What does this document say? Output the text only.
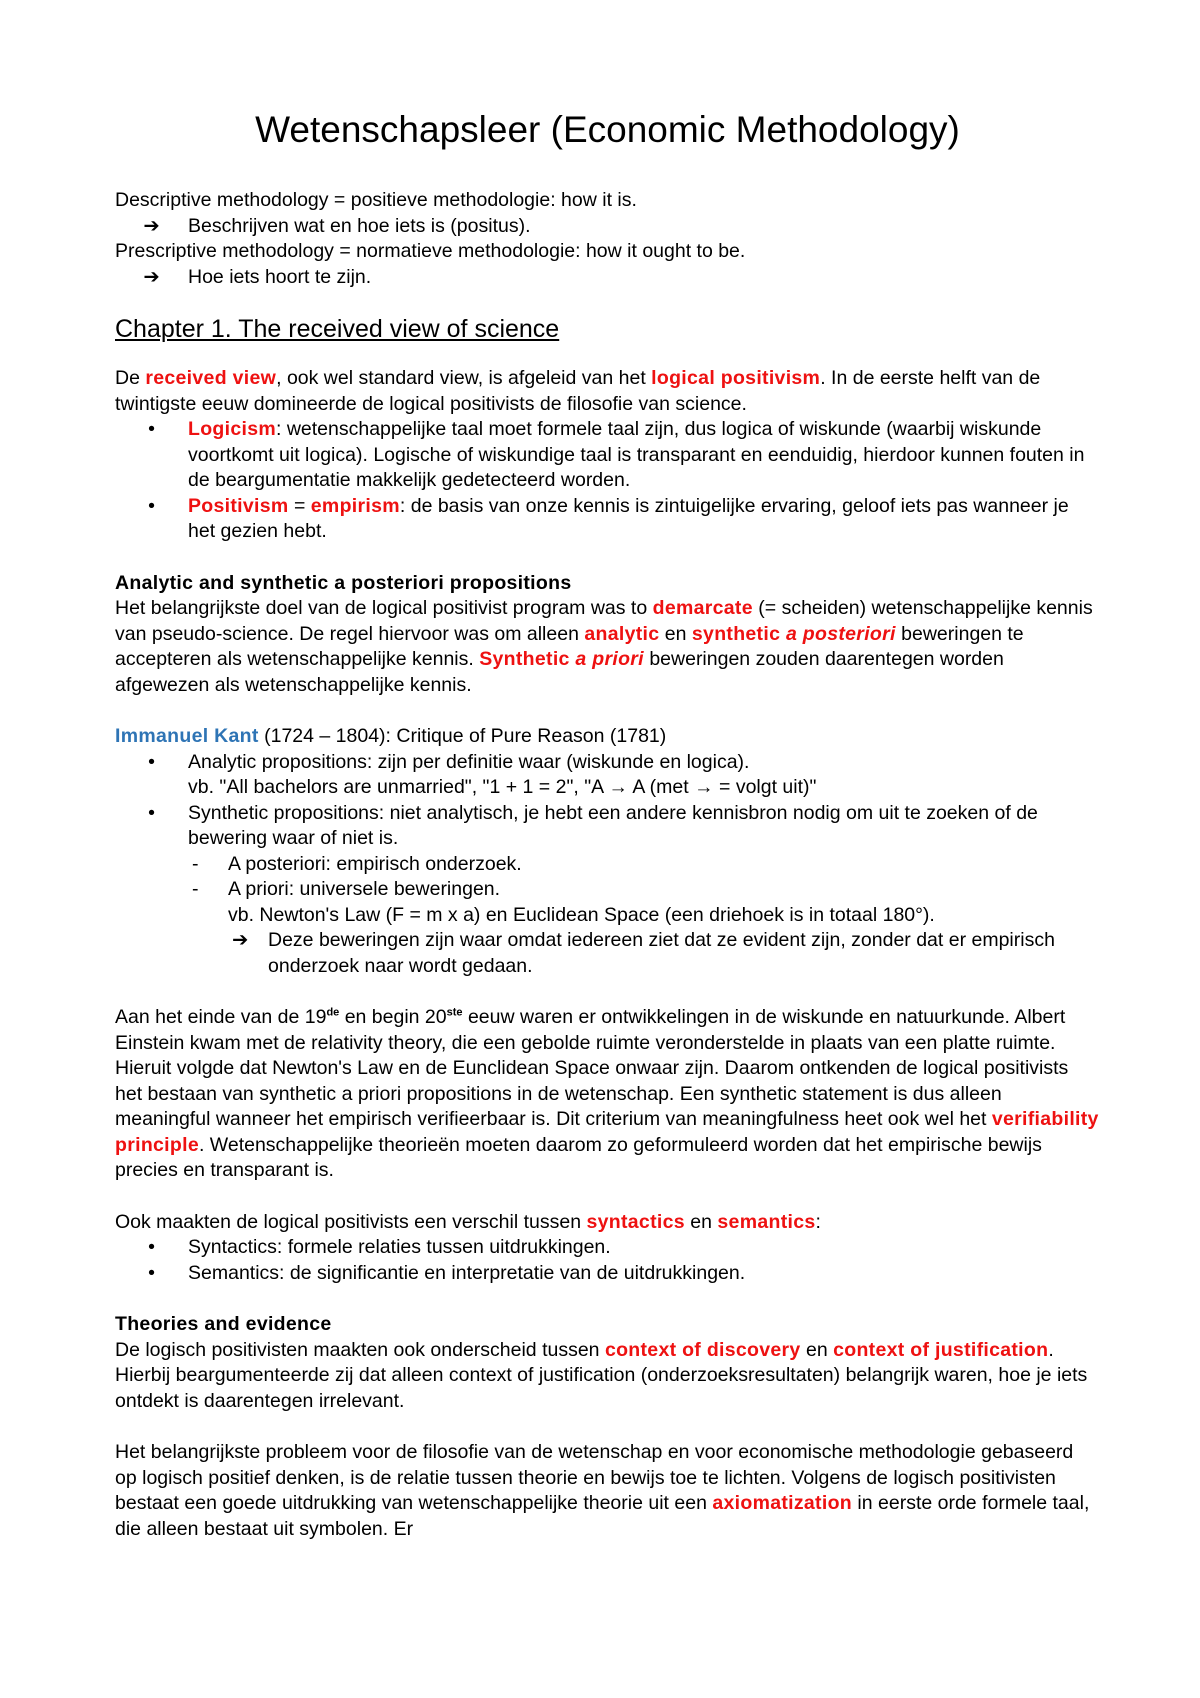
Wetenschapsleer (Economic Methodology)

Descriptive methodology = positieve methodologie: how it is.

➔	Beschrijven wat en hoe iets is (positus).

Prescriptive methodology = normatieve methodologie: how it ought to be.

➔	Hoe iets hoort te zijn.
Chapter 1. The received view of science

De received view, ook wel standard view, is afgeleid van het logical positivism. In de eerste helft van de twintigste eeuw domineerde de logical positivists de filosofie van science.

•	Logicism: wetenschappelijke taal moet formele taal zijn, dus logica of wiskunde (waarbij wiskunde voortkomt uit logica). Logische of wiskundige taal is transparant en eenduidig, hierdoor kunnen fouten in de beargumentatie makkelijk gedetecteerd worden.
•	Positivism = empirism: de basis van onze kennis is zintuigelijke ervaring, geloof iets pas wanneer je het gezien hebt.

Analytic and synthetic a posteriori propositions

Het belangrijkste doel van de logical positivist program was to demarcate (= scheiden) wetenschappelijke kennis van pseudo-science. De regel hiervoor was om alleen analytic en synthetic a posteriori beweringen te accepteren als wetenschappelijke kennis. Synthetic a priori beweringen zouden daarentegen worden afgewezen als wetenschappelijke kennis.

Immanuel Kant (1724 – 1804): Critique of Pure Reason (1781)

•	Analytic propositions: zijn per definitie waar (wiskunde en logica).

vb. "All bachelors are unmarried", "1 + 1 = 2", "A → A (met → = volgt uit)"

•	Synthetic propositions: niet analytisch, je hebt een andere kennisbron nodig om uit te zoeken of de bewering waar of niet is.

-	A posteriori: empirisch onderzoek.

-	A priori: universele beweringen.

vb. Newton's Law (F = m x a) en Euclidean Space (een driehoek is in totaal 180°).

➔	Deze beweringen zijn waar omdat iedereen ziet dat ze evident zijn, zonder dat er empirisch onderzoek naar wordt gedaan.

Aan het einde van de 19de en begin 20ste eeuw waren er ontwikkelingen in de wiskunde en natuurkunde. Albert Einstein kwam met de relativity theory, die een gebolde ruimte veronderstelde in plaats van een platte ruimte. Hieruit volgde dat Newton's Law en de Eunclidean Space onwaar zijn. Daarom ontkenden de logical positivists het bestaan van synthetic a priori propositions in de wetenschap. Een synthetic statement is dus alleen meaningful wanneer het empirisch verifieerbaar is. Dit criterium van meaningfulness heet ook wel het verifiability principle. Wetenschappelijke theorieën moeten daarom zo geformuleerd worden dat het empirische bewijs precies en transparant is.

Ook maakten de logical positivists een verschil tussen syntactics en semantics:

•	Syntactics: formele relaties tussen uitdrukkingen.

•	Semantics: de significantie en interpretatie van de uitdrukkingen.

Theories and evidence

De logisch positivisten maakten ook onderscheid tussen context of discovery en context of justification. Hierbij beargumenteerde zij dat alleen context of justification (onderzoeksresultaten) belangrijk waren, hoe je iets ontdekt is daarentegen irrelevant.

Het belangrijkste probleem voor de filosofie van de wetenschap en voor economische methodologie gebaseerd op logisch positief denken, is de relatie tussen theorie en bewijs toe te lichten. Volgens de logisch positivisten bestaat een goede uitdrukking van wetenschappelijke theorie uit een axiomatization in eerste orde formele taal, die alleen bestaat uit symbolen. Er
